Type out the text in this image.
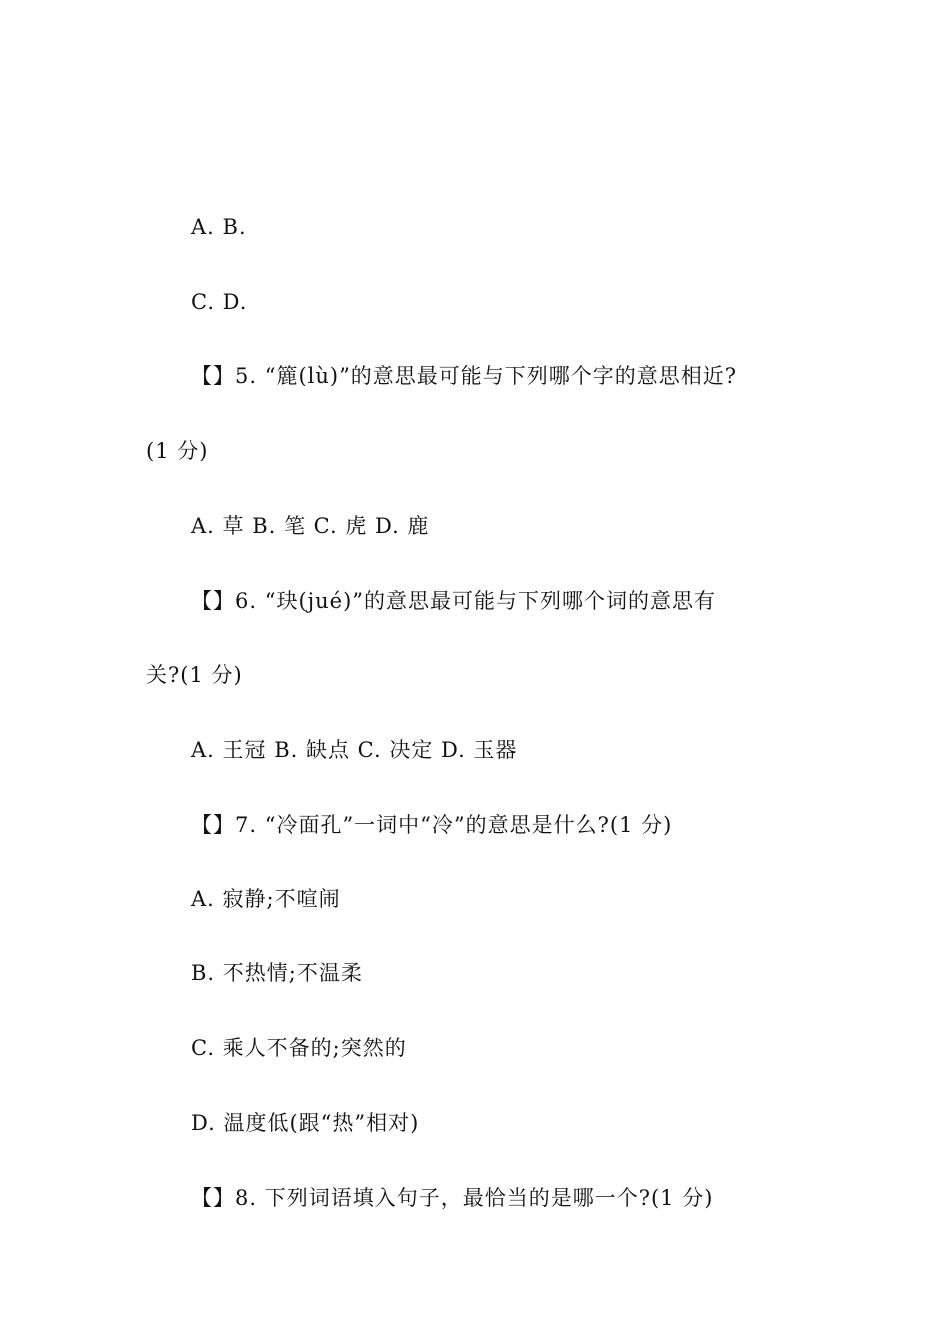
A. B.
C. D.
【】5. “簏(lù)”的意思最可能与下列哪个字的意思相近?
(1 分)
A. 草 B. 笔 C. 虎 D. 鹿
【】6. “玦(jué)”的意思最可能与下列哪个词的意思有
关?(1 分)
A. 王冠 B. 缺点 C. 决定 D. 玉器
【】7. “冷面孔”一词中“冷”的意思是什么?(1 分)
A. 寂静;不喧闹
B. 不热情;不温柔
C. 乘人不备的;突然的
D. 温度低(跟“热”相对)
【】8. 下列词语填入句子，最恰当的是哪一个?(1 分)
